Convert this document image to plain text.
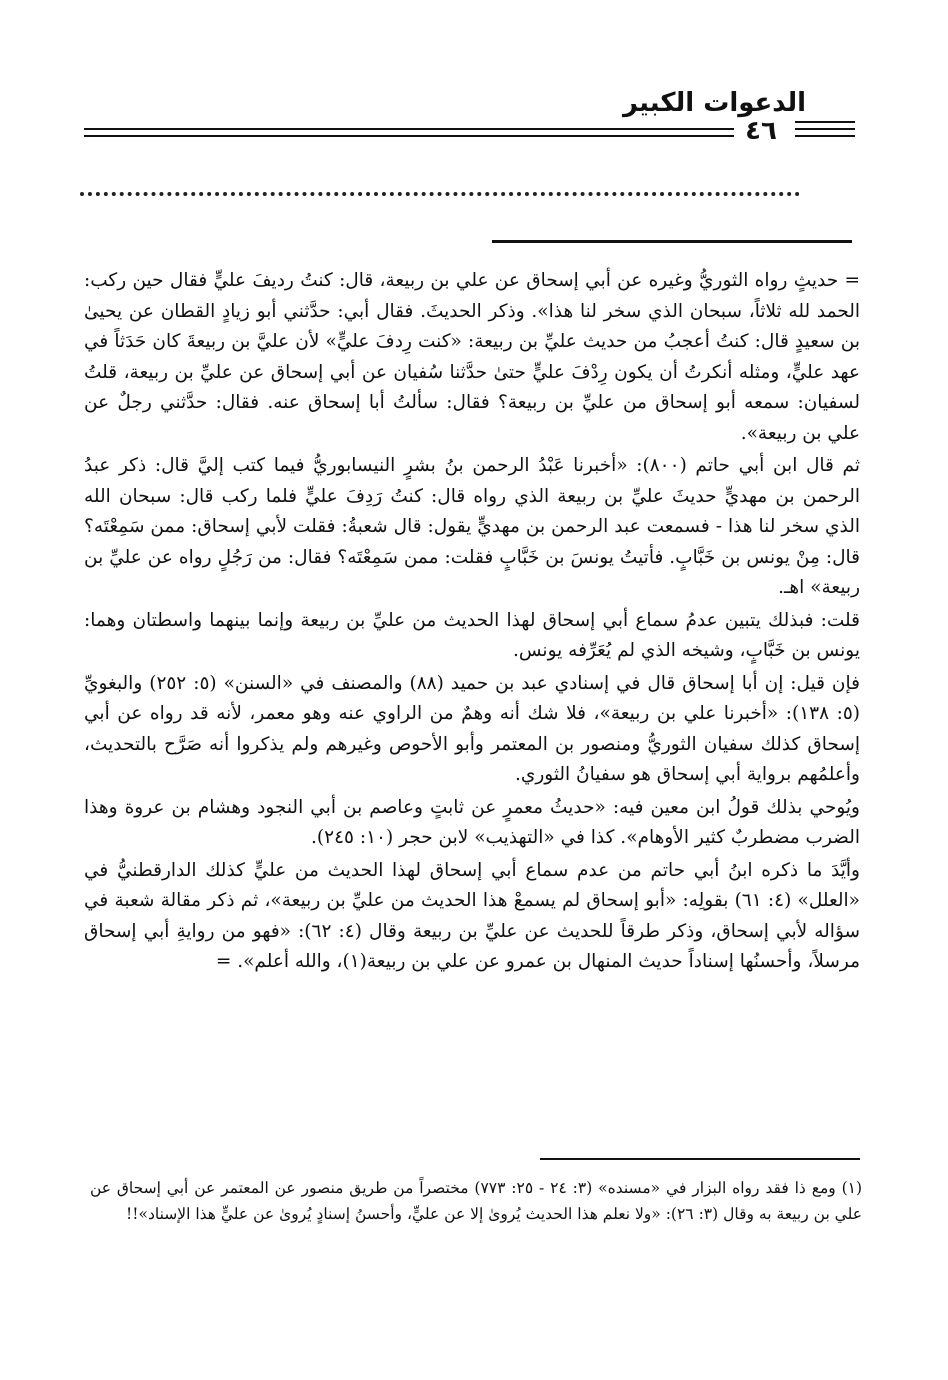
الدعوات الكبير
٤٦

= حديثٍ رواه الثوريُّ وغيره عن أبي إسحاق عن علي بن ربيعة، قال: كنتُ رديفَ عليٍّ فقال حين ركب: الحمد لله ثلاثاً، سبحان الذي سخر لنا هذا». وذكر الحديثَ. فقال أبي: حدَّثني أبو زيادٍ القطان عن يحيىٰ بن سعيدٍ قال: كنتُ أعجبُ من حديث عليِّ بن ربيعة: «كنت رِدفَ عليٍّ» لأن عليَّ بن ربيعةَ كان حَدَثاً في عهد عليٍّ، ومثله أنكرتُ أن يكون رِدْفَ عليٍّ حتىٰ حدَّثنا سُفيان عن أبي إسحاق عن عليِّ بن ربيعة، قلتُ لسفيان: سمعه أبو إسحاق من عليِّ بن ربيعة؟ فقال: سألتُ أبا إسحاق عنه. فقال: حدَّثني رجلٌ عن علي بن ربيعة».

ثم قال ابن أبي حاتم (٨٠٠): «أخبرنا عَبْدُ الرحمن بنُ بشرٍ النيسابوريُّ فيما كتب إليَّ قال: ذكر عبدُ الرحمن بن مهديٍّ حديثَ عليِّ بن ربيعة الذي رواه قال: كنتُ رَدِفَ عليٍّ فلما ركب قال: سبحان الله الذي سخر لنا هذا - فسمعت عبد الرحمن بن مهديٍّ يقول: قال شعبةُ: فقلت لأبي إسحاق: ممن سَمِعْتَه؟ قال: مِنْ يونس بن خَبَّابٍ. فأتيتُ يونسَ بن خَبَّابٍ فقلت: ممن سَمِعْتَه؟ فقال: من رَجُلٍ رواه عن عليِّ بن ربيعة» اهـ.

قلت: فبذلك يتبين عدمُ سماع أبي إسحاق لهذا الحديث من عليِّ بن ربيعة وإنما بينهما واسطتان وهما: يونس بن خَبَّابٍ، وشيخه الذي لم يُعَرِّفه يونس.

فإن قيل: إن أبا إسحاق قال في إسنادي عبد بن حميد (٨٨) والمصنف في «السنن» (٥: ٢٥٢) والبغويِّ (٥: ١٣٨): «أخبرنا علي بن ربيعة»، فلا شك أنه وهمٌ من الراوي عنه وهو معمر، لأنه قد رواه عن أبي إسحاق كذلك سفيان الثوريُّ ومنصور بن المعتمر وأبو الأحوص وغيرهم ولم يذكروا أنه صَرَّح بالتحديث، وأعلمُهم برواية أبي إسحاق هو سفيانُ الثوري.

ويُوحي بذلك قولُ ابن معين فيه: «حديثُ معمرٍ عن ثابتٍ وعاصم بن أبي النجود وهشام بن عروة وهذا الضرب مضطربٌ كثير الأوهام». كذا في «التهذيب» لابن حجر (١٠: ٢٤٥).

وأيَّدَ ما ذكره ابنُ أبي حاتم من عدم سماع أبي إسحاق لهذا الحديث من عليٍّ كذلك الدارقطنيُّ في «العلل» (٤: ٦١) بقولِه: «أبو إسحاق لم يسمعْ هذا الحديث من عليِّ بن ربيعة»، ثم ذكر مقالة شعبة في سؤاله لأبي إسحاق، وذكر طرقاً للحديث عن عليِّ بن ربيعة وقال (٤: ٦٢): «فهو من روايةِ أبي إسحاق مرسلاً، وأحسنُها إسناداً حديث المنهال بن عمرو عن علي بن ربيعة(١)، والله أعلم». =

(١) ومع ذا فقد رواه البزار في «مسنده» (٣: ٢٤ - ٢٥: ٧٧٣) مختصراً من طريق منصور عن المعتمر عن أبي إسحاق عن علي بن ربيعة به وقال (٣: ٢٦): «ولا نعلم هذا الحديث يُروىٰ إلا عن عليٍّ، وأحسنُ إسنادٍ يُروىٰ عن عليٍّ هذا الإسناد»!!
